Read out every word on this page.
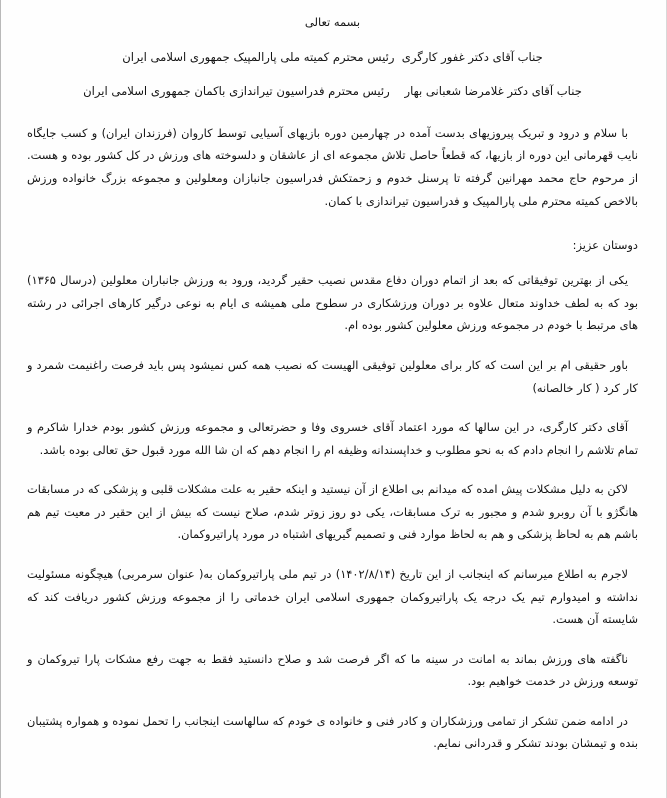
بسمه تعالی
جناب آقای دکتر غفور کارگری  رئیس محترم کمیته ملی پارالمپیک جمهوری اسلامی ایران
جناب آقای دکتر غلامرضا شعبانی بهار    رئیس محترم فدراسیون تیراندازی باکمان جمهوری اسلامی ایران

با سلام و درود و تبریک پیروزیهای بدست آمده در چهارمین دوره بازیهای آسیایی توسط کاروان (فرزندان ایران) و کسب جایگاه نایب قهرمانی این دوره از بازیها، که قطعاً حاصل تلاش مجموعه ای از عاشقان و دلسوخته های ورزش در کل کشور بوده و هست. از مرحوم حاج محمد مهرانین گرفته تا پرسنل خدوم و زحمتکش فدراسیون جانبازان ومعلولین و مجموعه بزرگ خانواده ورزش بالاخص کمیته محترم ملی پارالمپیک و فدراسیون تیراندازی با کمان.

دوستان عزیز:

یکی از بهترین توفیقاتی که بعد از اتمام دوران دفاع مقدس نصیب حقیر گردید، ورود به ورزش جانباران معلولین (درسال ۱۳۶۵) بود که به لطف خداوند متعال علاوه بر دوران ورزشکاری در سطوح ملی همیشه ی ایام به نوعی درگیر کارهای اجرائی در رشته های مرتبط با خودم در مجموعه ورزش معلولین کشور بوده ام.

باور حقیقی ام بر این است که کار برای معلولین توفیقی الهیست که نصیب همه کس نمیشود پس باید فرصت راغنیمت شمرد و کار کرد ( کار خالصانه)

آقای دکتر کارگری، در این سالها که مورد اعتماد آقای خسروی وفا و حضرتعالی و مجموعه ورزش کشور بودم خدارا شاکرم و تمام تلاشم را انجام دادم که به نحو مطلوب و خداپسندانه وظیفه ام را انجام دهم که ان شا الله مورد قبول حق تعالی بوده باشد.

لاکن به دلیل مشکلات پیش امده که میدانم بی اطلاع از آن نیستید و اینکه حقیر به علت مشکلات قلبی و پزشکی که در مسابقات هانگژو با آن روبرو شدم و مجبور به ترک مسابقات، یکی دو روز زوتر شدم، صلاح نیست که بیش از این حقیر در معیت تیم هم باشم هم به لحاظ پزشکی و هم به لحاظ موارد فنی و تصمیم گیریهای اشتباه در مورد پاراتیروکمان.

لاجرم به اطلاع میرسانم که اینجانب از این تاریخ (۱۴۰۲/۸/۱۴) در تیم ملی پاراتیروکمان به( عنوان سرمربی) هیچگونه مسئولیت نداشته و امیدوارم تیم یک درجه یک پاراتیروکمان جمهوری اسلامی ایران خدماتی را از مجموعه ورزش کشور دریافت کند که شایسته آن هست.

ناگفته های ورزش بماند به امانت در سینه ما که اگر فرصت شد و صلاح دانستید فقط به جهت رفع مشکات پارا تیروکمان و توسعه ورزش در خدمت خواهیم بود.

در ادامه ضمن تشکر از تمامی ورزشکاران و کادر فنی و خانواده ی خودم که سالهاست اینجانب را تحمل نموده و همواره پشتیبان بنده و تیمشان بودند تشکر و قدردانی نمایم.
